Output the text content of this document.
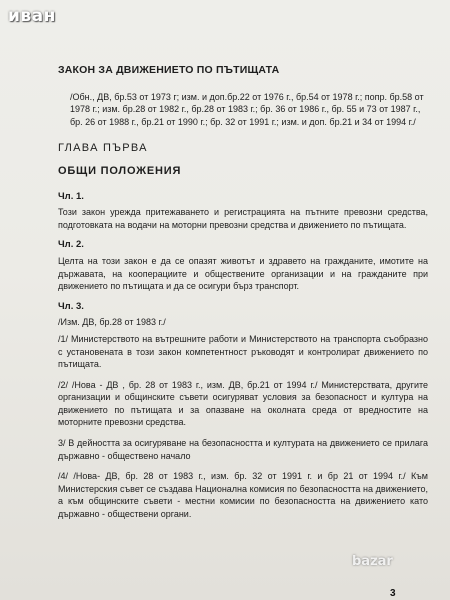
иван
ЗАКОН ЗА ДВИЖЕНИЕТО ПО ПЪТИЩАТА
/Обн., ДВ, бр.53 от 1973 г; изм. и доп.бр.22 от 1976 г., бр.54 от 1978 г.; попр. бр.58 от 1978 г.; изм. бр.28 от 1982 г., бр.28 от 1983 г.; бр. 36 от 1986 г., бр. 55 и 73 от 1987 г., бр. 26 от 1988 г., бр.21 от 1990 г.; бр. 32 от 1991 г.; изм. и доп. бр.21 и 34 от 1994 г./
ГЛАВА ПЪРВА
ОБЩИ ПОЛОЖЕНИЯ
Чл. 1.
Този закон урежда притежаването и регистрацията на пътните превозни средства, подготовката на водачи на моторни превозни средства и движението по пътищата.
Чл. 2.
Целта на този закон е да се опазят животът и здравето на гражданите, имотите на държавата, на кооперациите и обществените организации и на гражданите при движението по пътищата и да се осигури бърз транспорт.
Чл. 3.
/Изм. ДВ, бр.28 от 1983 г./
/1/ Министерството на вътрешните работи и Министерството на транспорта съобразно с установената в този закон компетентност ръководят и контролират движението по пътищата.
/2/ /Нова - ДВ , бр. 28 от 1983 г., изм. ДВ, бр.21 от 1994 г./ Министерствата, другите организации и общинските съвети осигуряват условия за безопасност и култура на движението по пътищата и за опазване на околната среда от вредностите на моторните превозни средства.
3/ В дейността за осигуряване на безопасността и културата на движението се прилага държавно - обществено начало
/4/ /Нова- ДВ, бр. 28 от 1983 г., изм. бр. 32 от 1991 г. и бр 21 от 1994 г./ Към Министерския съвет се създава Национална комисия по безопасността на движението, а към общинските съвети - местни комисии по безопасността на движението като държавно - обществени органи.
bazar
3
